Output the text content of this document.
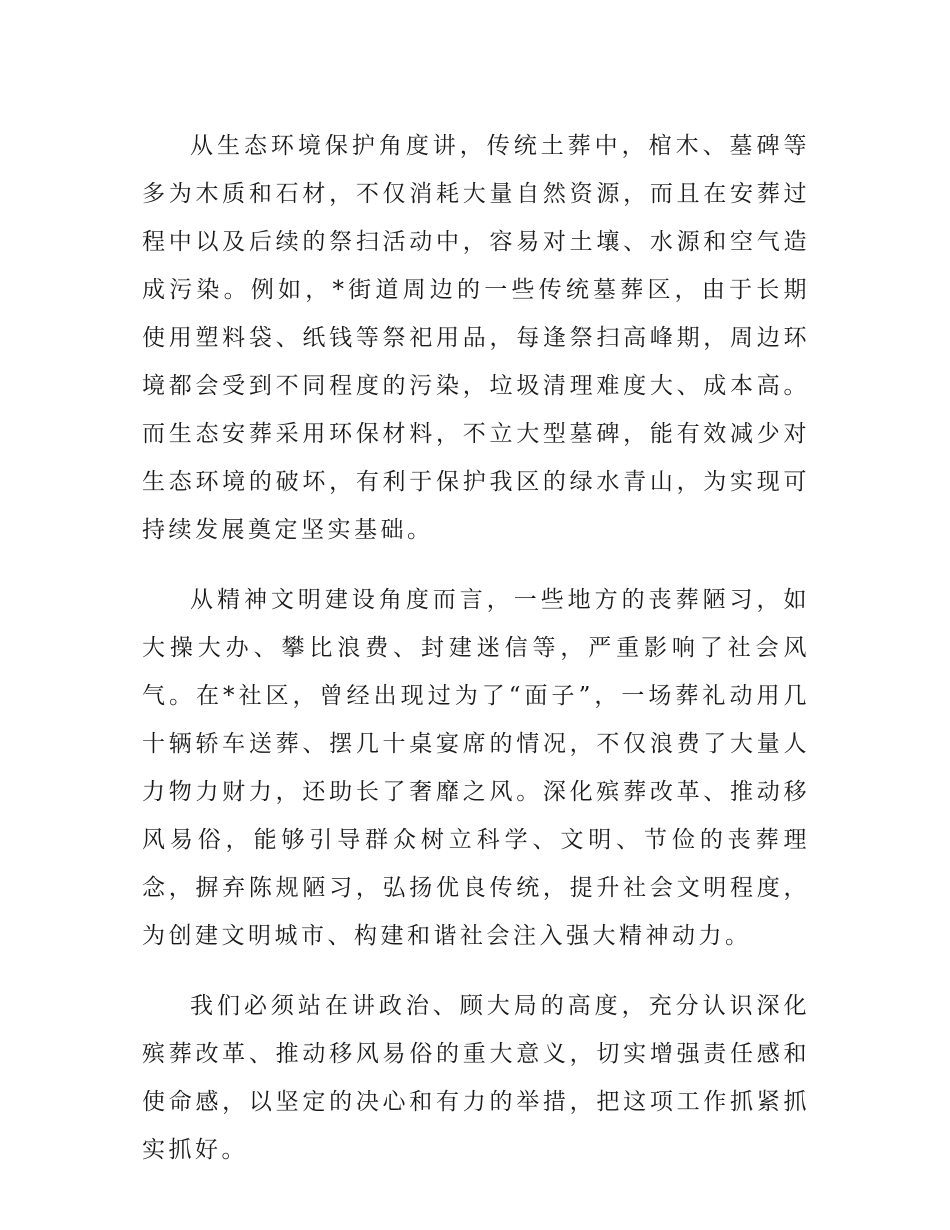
从生态环境保护角度讲，传统土葬中，棺木、墓碑等多为木质和石材，不仅消耗大量自然资源，而且在安葬过程中以及后续的祭扫活动中，容易对土壤、水源和空气造成污染。例如，*街道周边的一些传统墓葬区，由于长期使用塑料袋、纸钱等祭祀用品，每逢祭扫高峰期，周边环境都会受到不同程度的污染，垃圾清理难度大、成本高。而生态安葬采用环保材料，不立大型墓碑，能有效减少对生态环境的破坏，有利于保护我区的绿水青山，为实现可持续发展奠定坚实基础。

从精神文明建设角度而言，一些地方的丧葬陋习，如大操大办、攀比浪费、封建迷信等，严重影响了社会风气。在*社区，曾经出现过为了“面子”，一场葬礼动用几十辆轿车送葬、摆几十桌宴席的情况，不仅浪费了大量人力物力财力，还助长了奢靡之风。深化殡葬改革、推动移风易俗，能够引导群众树立科学、文明、节俭的丧葬理念，摒弃陈规陋习，弘扬优良传统，提升社会文明程度，为创建文明城市、构建和谐社会注入强大精神动力。

我们必须站在讲政治、顾大局的高度，充分认识深化殡葬改革、推动移风易俗的重大意义，切实增强责任感和使命感，以坚定的决心和有力的举措，把这项工作抓紧抓实抓好。
